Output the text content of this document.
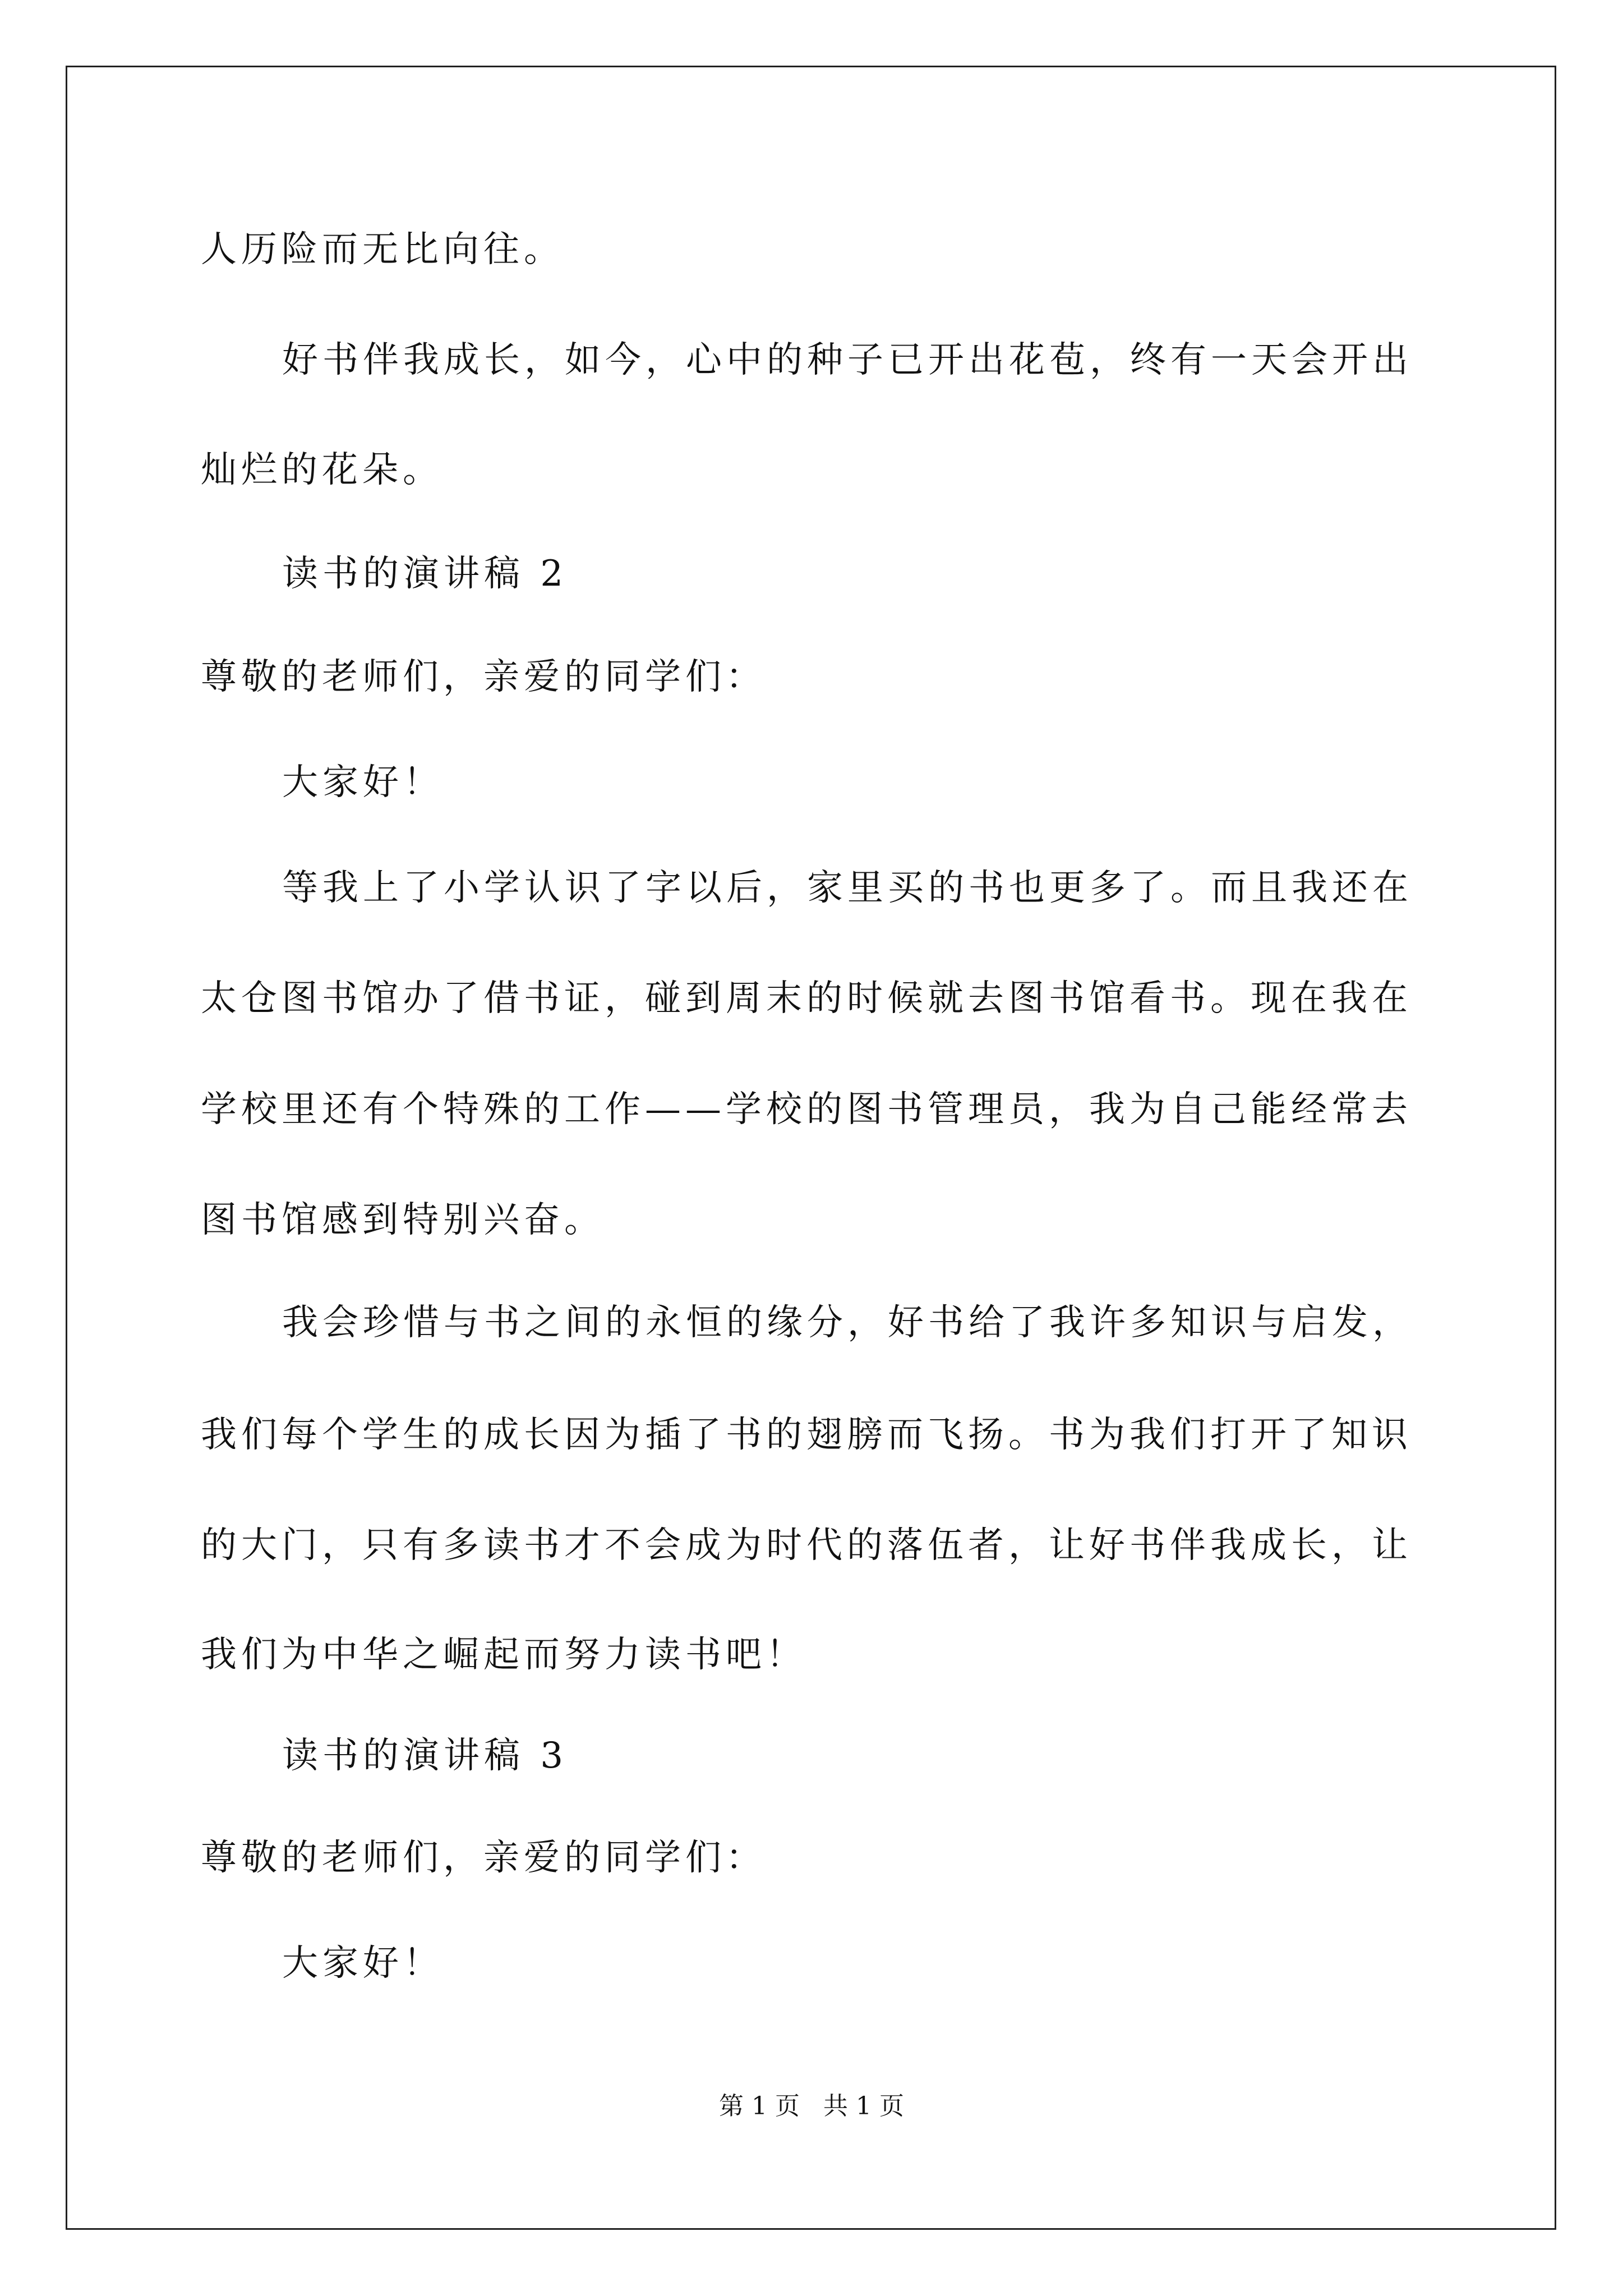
人历险而无比向往。
好书伴我成长，如今，心中的种子已开出花苞，终有一天会开出
灿烂的花朵。
读书的演讲稿 2
尊敬的老师们，亲爱的同学们：
大家好！
等我上了小学认识了字以后，家里买的书也更多了。而且我还在
太仓图书馆办了借书证，碰到周末的时候就去图书馆看书。现在我在
学校里还有个特殊的工作——学校的图书管理员，我为自己能经常去
图书馆感到特别兴奋。
我会珍惜与书之间的永恒的缘分，好书给了我许多知识与启发，
我们每个学生的成长因为插了书的翅膀而飞扬。书为我们打开了知识
的大门，只有多读书才不会成为时代的落伍者，让好书伴我成长，让
我们为中华之崛起而努力读书吧！
读书的演讲稿 3
尊敬的老师们，亲爱的同学们：
大家好！
第 1 页   共 1 页
